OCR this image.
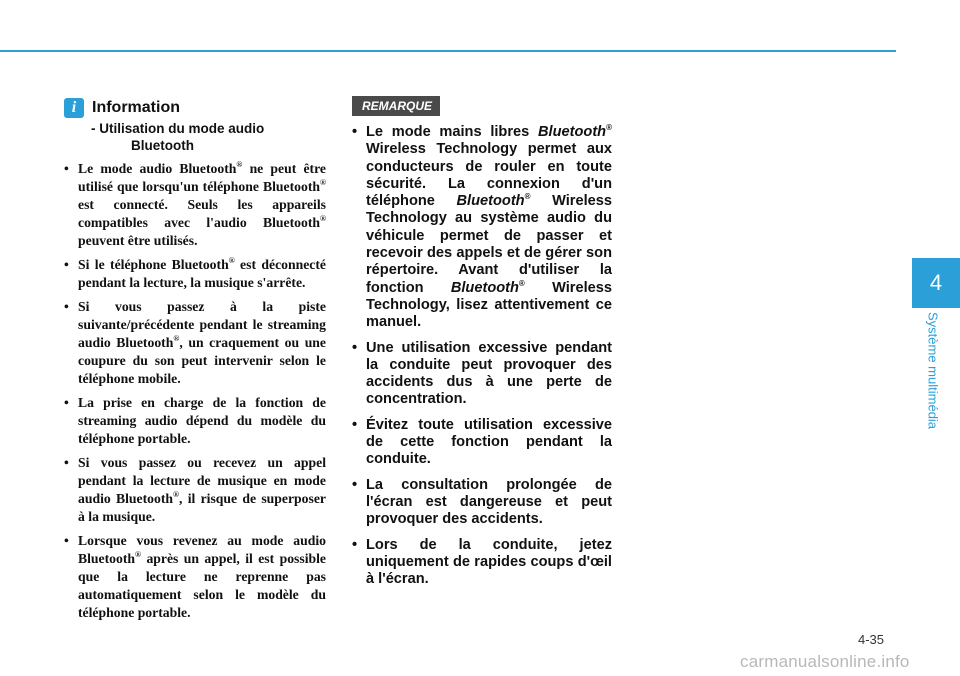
4
Système multimédia
i Information
- Utilisation du mode audio
Bluetooth
• Le mode audio Bluetooth® ne peut être utilisé que lorsqu'un téléphone Bluetooth® est connecté. Seuls les appareils compatibles avec l'audio Bluetooth® peuvent être utilisés.
• Si le téléphone Bluetooth® est déconnecté pendant la lecture, la musique s'arrête.
• Si vous passez à la piste suivante/précédente pendant le streaming audio Bluetooth®, un craquement ou une coupure du son peut intervenir selon le téléphone mobile.
• La prise en charge de la fonction de streaming audio dépend du modèle du téléphone portable.
• Si vous passez ou recevez un appel pendant la lecture de musique en mode audio Bluetooth®, il risque de superposer à la musique.
• Lorsque vous revenez au mode audio Bluetooth® après un appel, il est possible que la lecture ne reprenne pas automatiquement selon le modèle du téléphone portable.
REMARQUE
• Le mode mains libres Bluetooth® Wireless Technology permet aux conducteurs de rouler en toute sécurité. La connexion d'un téléphone Bluetooth® Wireless Technology au système audio du véhicule permet de passer et recevoir des appels et de gérer son répertoire. Avant d'utiliser la fonction Bluetooth® Wireless Technology, lisez attentivement ce manuel.
• Une utilisation excessive pendant la conduite peut provoquer des accidents dus à une perte de concentration.
• Évitez toute utilisation excessive de cette fonction pendant la conduite.
• La consultation prolongée de l'écran est dangereuse et peut provoquer des accidents.
• Lors de la conduite, jetez uniquement de rapides coups d'œil à l'écran.
4-35
carmanualsonline.info
